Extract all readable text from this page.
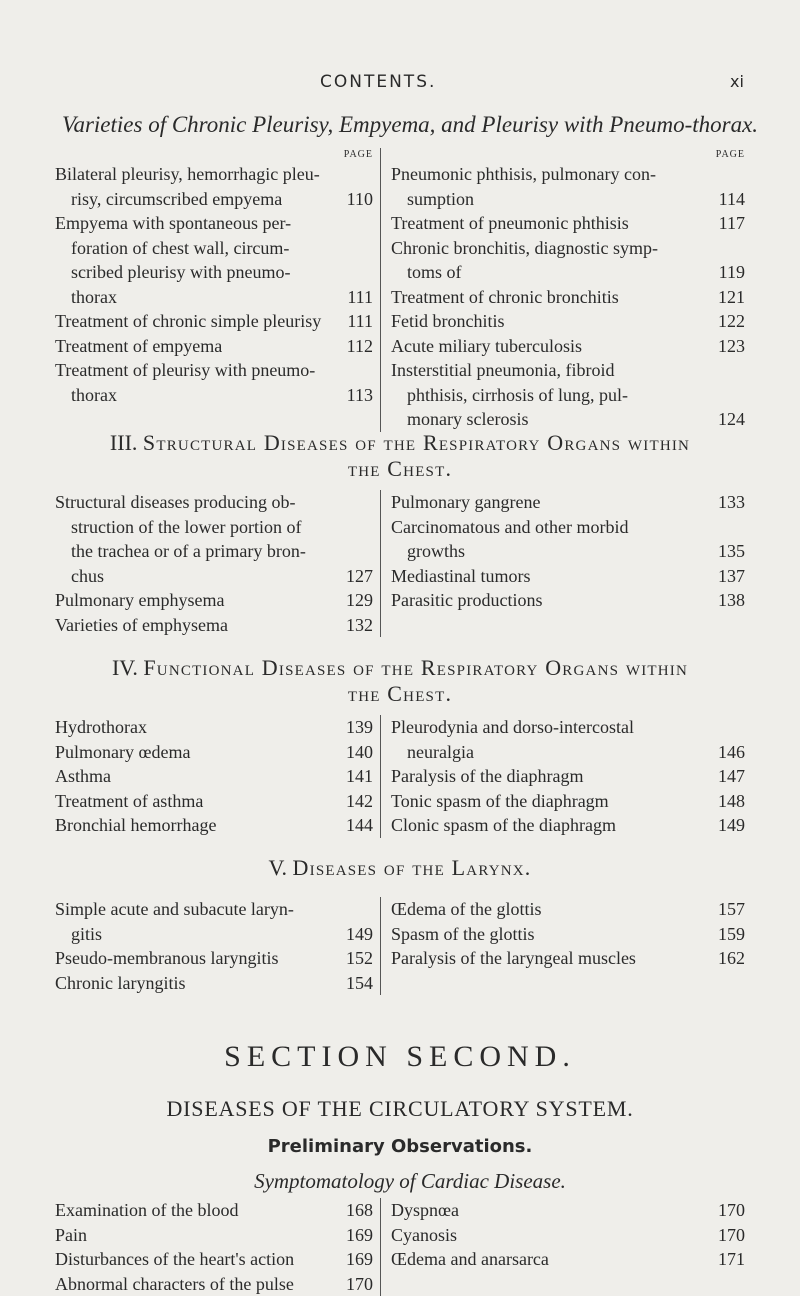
CONTENTS.	xi
Varieties of Chronic Pleurisy, Empyema, and Pleurisy with Pneumo-thorax.
PAGE
Bilateral pleurisy, hemorrhagic pleu-
risy, circumscribed empyema	110
Empyema with spontaneous per-
foration of chest wall, circum-
scribed pleurisy with pneumo-
thorax	111
Treatment of chronic simple pleurisy	111
Treatment of empyema	112
Treatment of pleurisy with pneumo-
thorax	113
PAGE
Pneumonic phthisis, pulmonary con-
sumption	114
Treatment of pneumonic phthisis	117
Chronic bronchitis, diagnostic symp-
toms of	119
Treatment of chronic bronchitis	121
Fetid bronchitis	122
Acute miliary tuberculosis	123
Insterstitial pneumonia, fibroid
phthisis, cirrhosis of lung, pul-
monary sclerosis	124
III. Structural Diseases of the Respiratory Organs within
the Chest.
Structural diseases producing ob-
struction of the lower portion of
the trachea or of a primary bron-
chus	127
Pulmonary emphysema	129
Varieties of emphysema	132
Pulmonary gangrene	133
Carcinomatous and other morbid
growths	135
Mediastinal tumors	137
Parasitic productions	138
IV. Functional Diseases of the Respiratory Organs within
the Chest.
Hydrothorax	139
Pulmonary œdema	140
Asthma	141
Treatment of asthma	142
Bronchial hemorrhage	144
Pleurodynia and dorso-intercostal
neuralgia	146
Paralysis of the diaphragm	147
Tonic spasm of the diaphragm	148
Clonic spasm of the diaphragm	149
V. Diseases of the Larynx.
Simple acute and subacute laryn-
gitis	149
Pseudo-membranous laryngitis	152
Chronic laryngitis	154
Œdema of the glottis	157
Spasm of the glottis	159
Paralysis of the laryngeal muscles	162
SECTION SECOND.
DISEASES OF THE CIRCULATORY SYSTEM.
Preliminary Observations.
Symptomatology of Cardiac Disease.
Examination of the blood	168
Pain	169
Disturbances of the heart's action	169
Abnormal characters of the pulse	170
Dyspnœa	170
Cyanosis	170
Œdema and anarsarca	171
